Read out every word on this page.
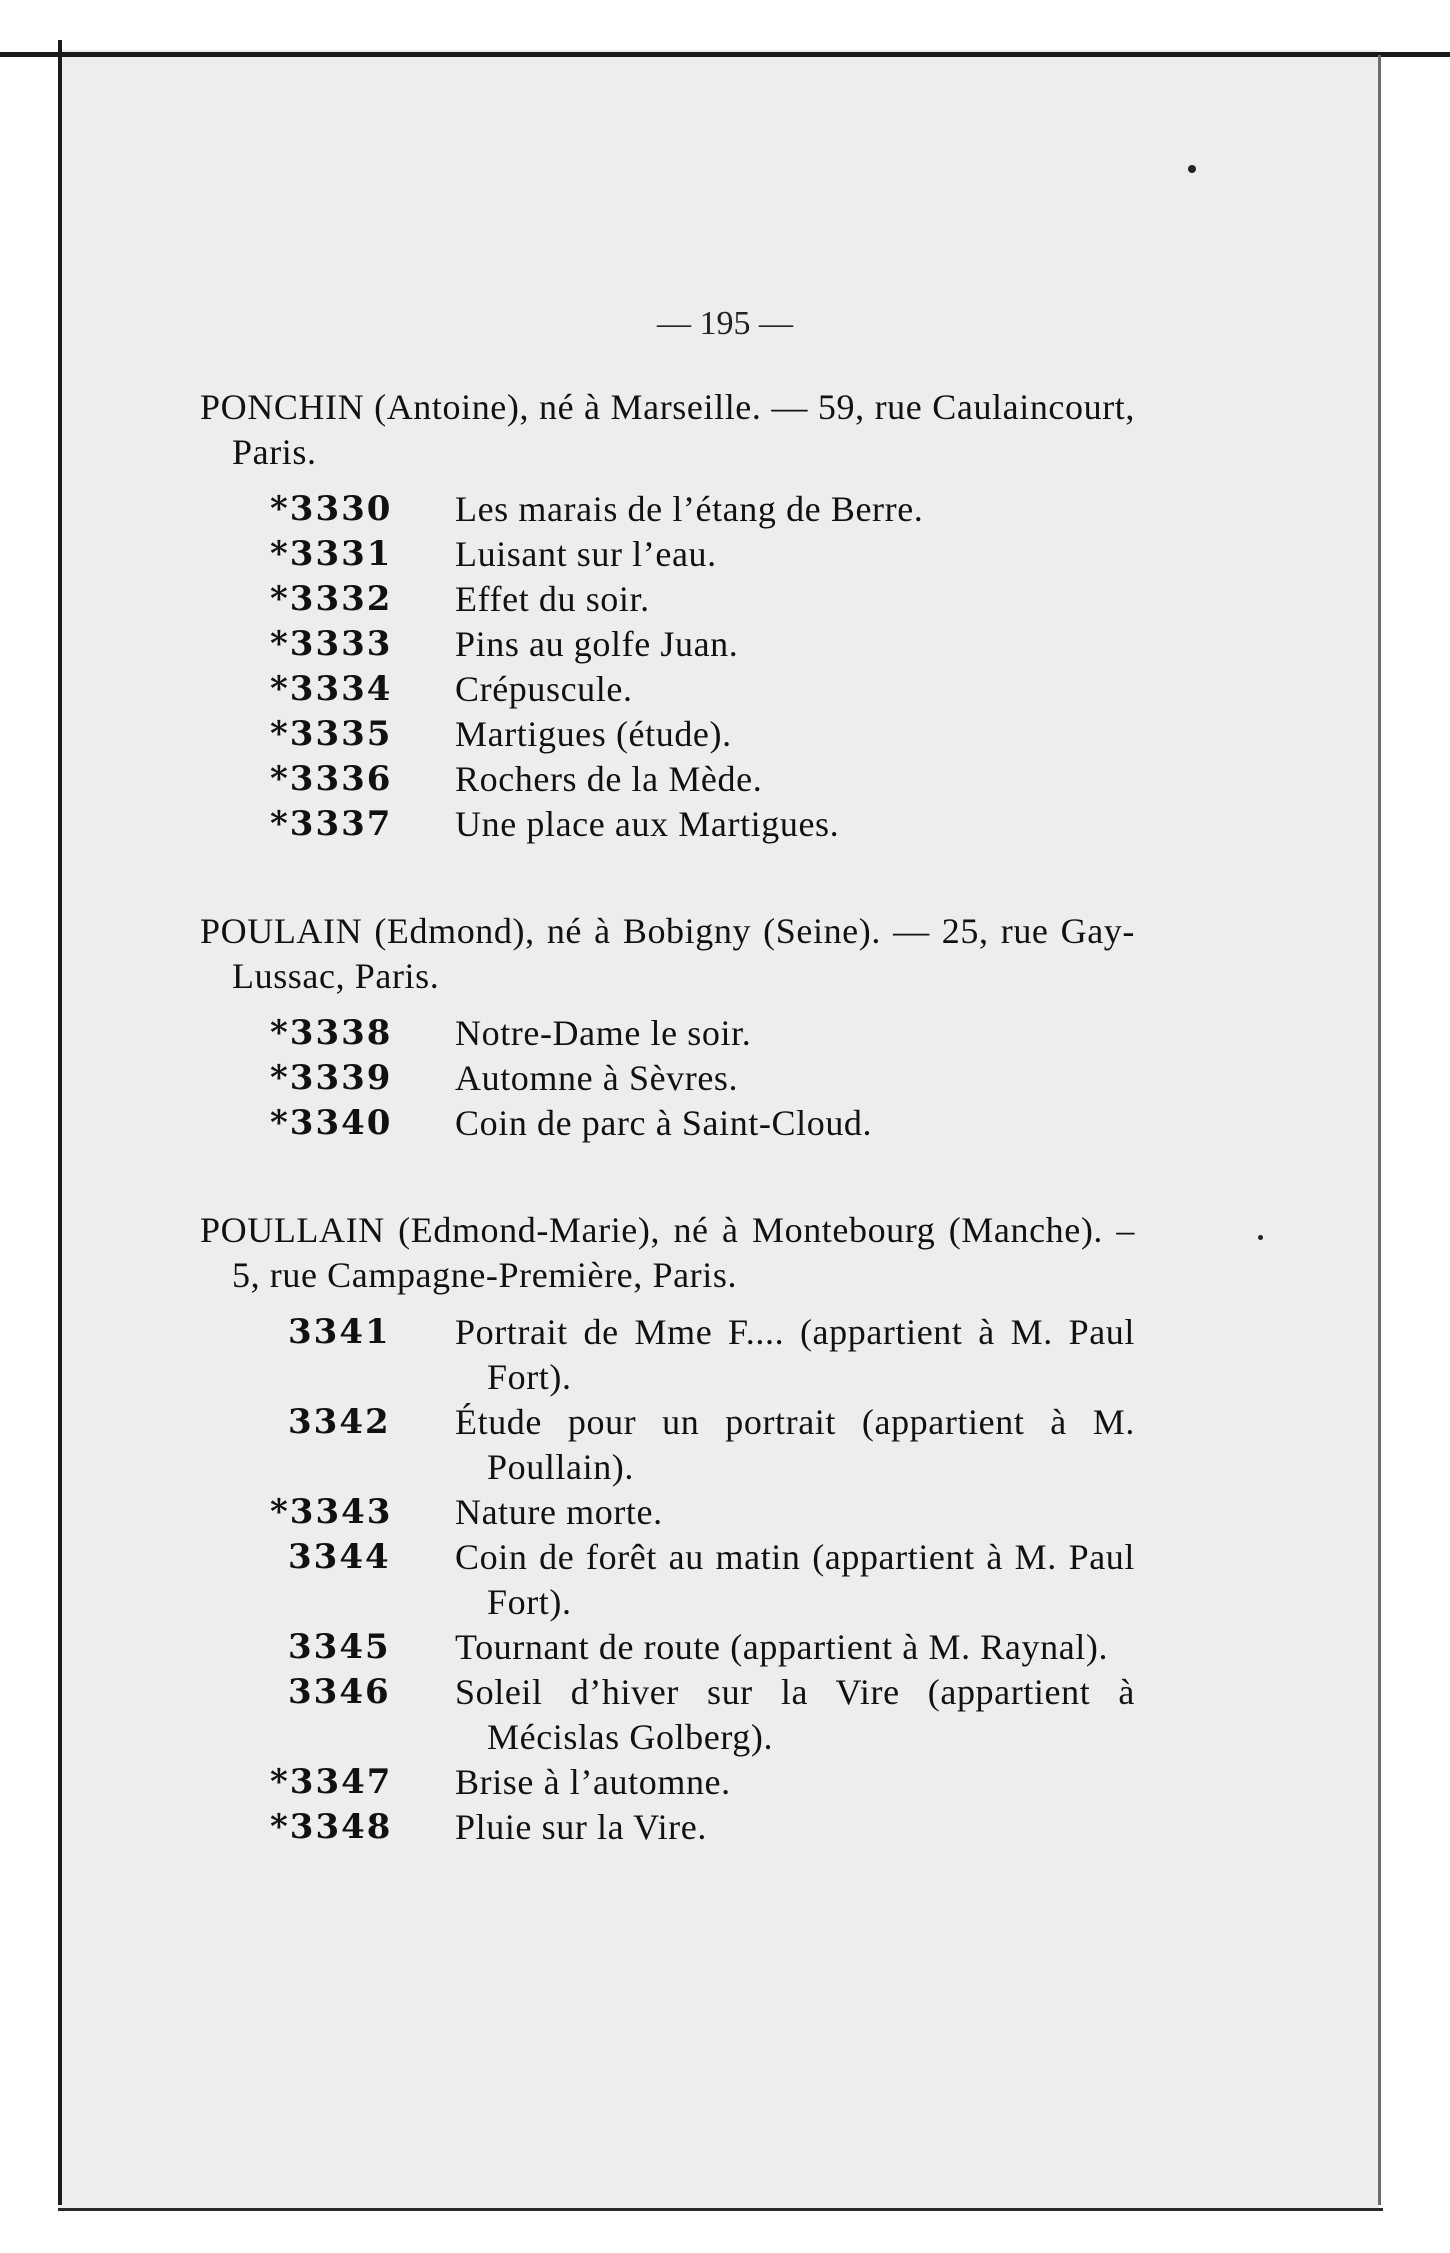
— 195 —

PONCHIN (Antoine), né à Marseille. — 59, rue Caulaincourt, Paris.

*3330 Les marais de l’étang de Berre.
*3331 Luisant sur l’eau.
*3332 Effet du soir.
*3333 Pins au golfe Juan.
*3334 Crépuscule.
*3335 Martigues (étude).
*3336 Rochers de la Mède.
*3337 Une place aux Martigues.

POULAIN (Edmond), né à Bobigny (Seine). — 25, rue Gay-Lussac, Paris.

*3338 Notre-Dame le soir.
*3339 Automne à Sèvres.
*3340 Coin de parc à Saint-Cloud.

POULLAIN (Edmond-Marie), né à Montebourg (Manche). – 5, rue Campagne-Première, Paris.

3341 Portrait de Mme F.... (appartient à M. Paul Fort).
3342 Étude pour un portrait (appartient à M. Poullain).
*3343 Nature morte.
3344 Coin de forêt au matin (appartient à M. Paul Fort).
3345 Tournant de route (appartient à M. Raynal).
3346 Soleil d’hiver sur la Vire (appartient à Mécislas Golberg).
*3347 Brise à l’automne.
*3348 Pluie sur la Vire.
